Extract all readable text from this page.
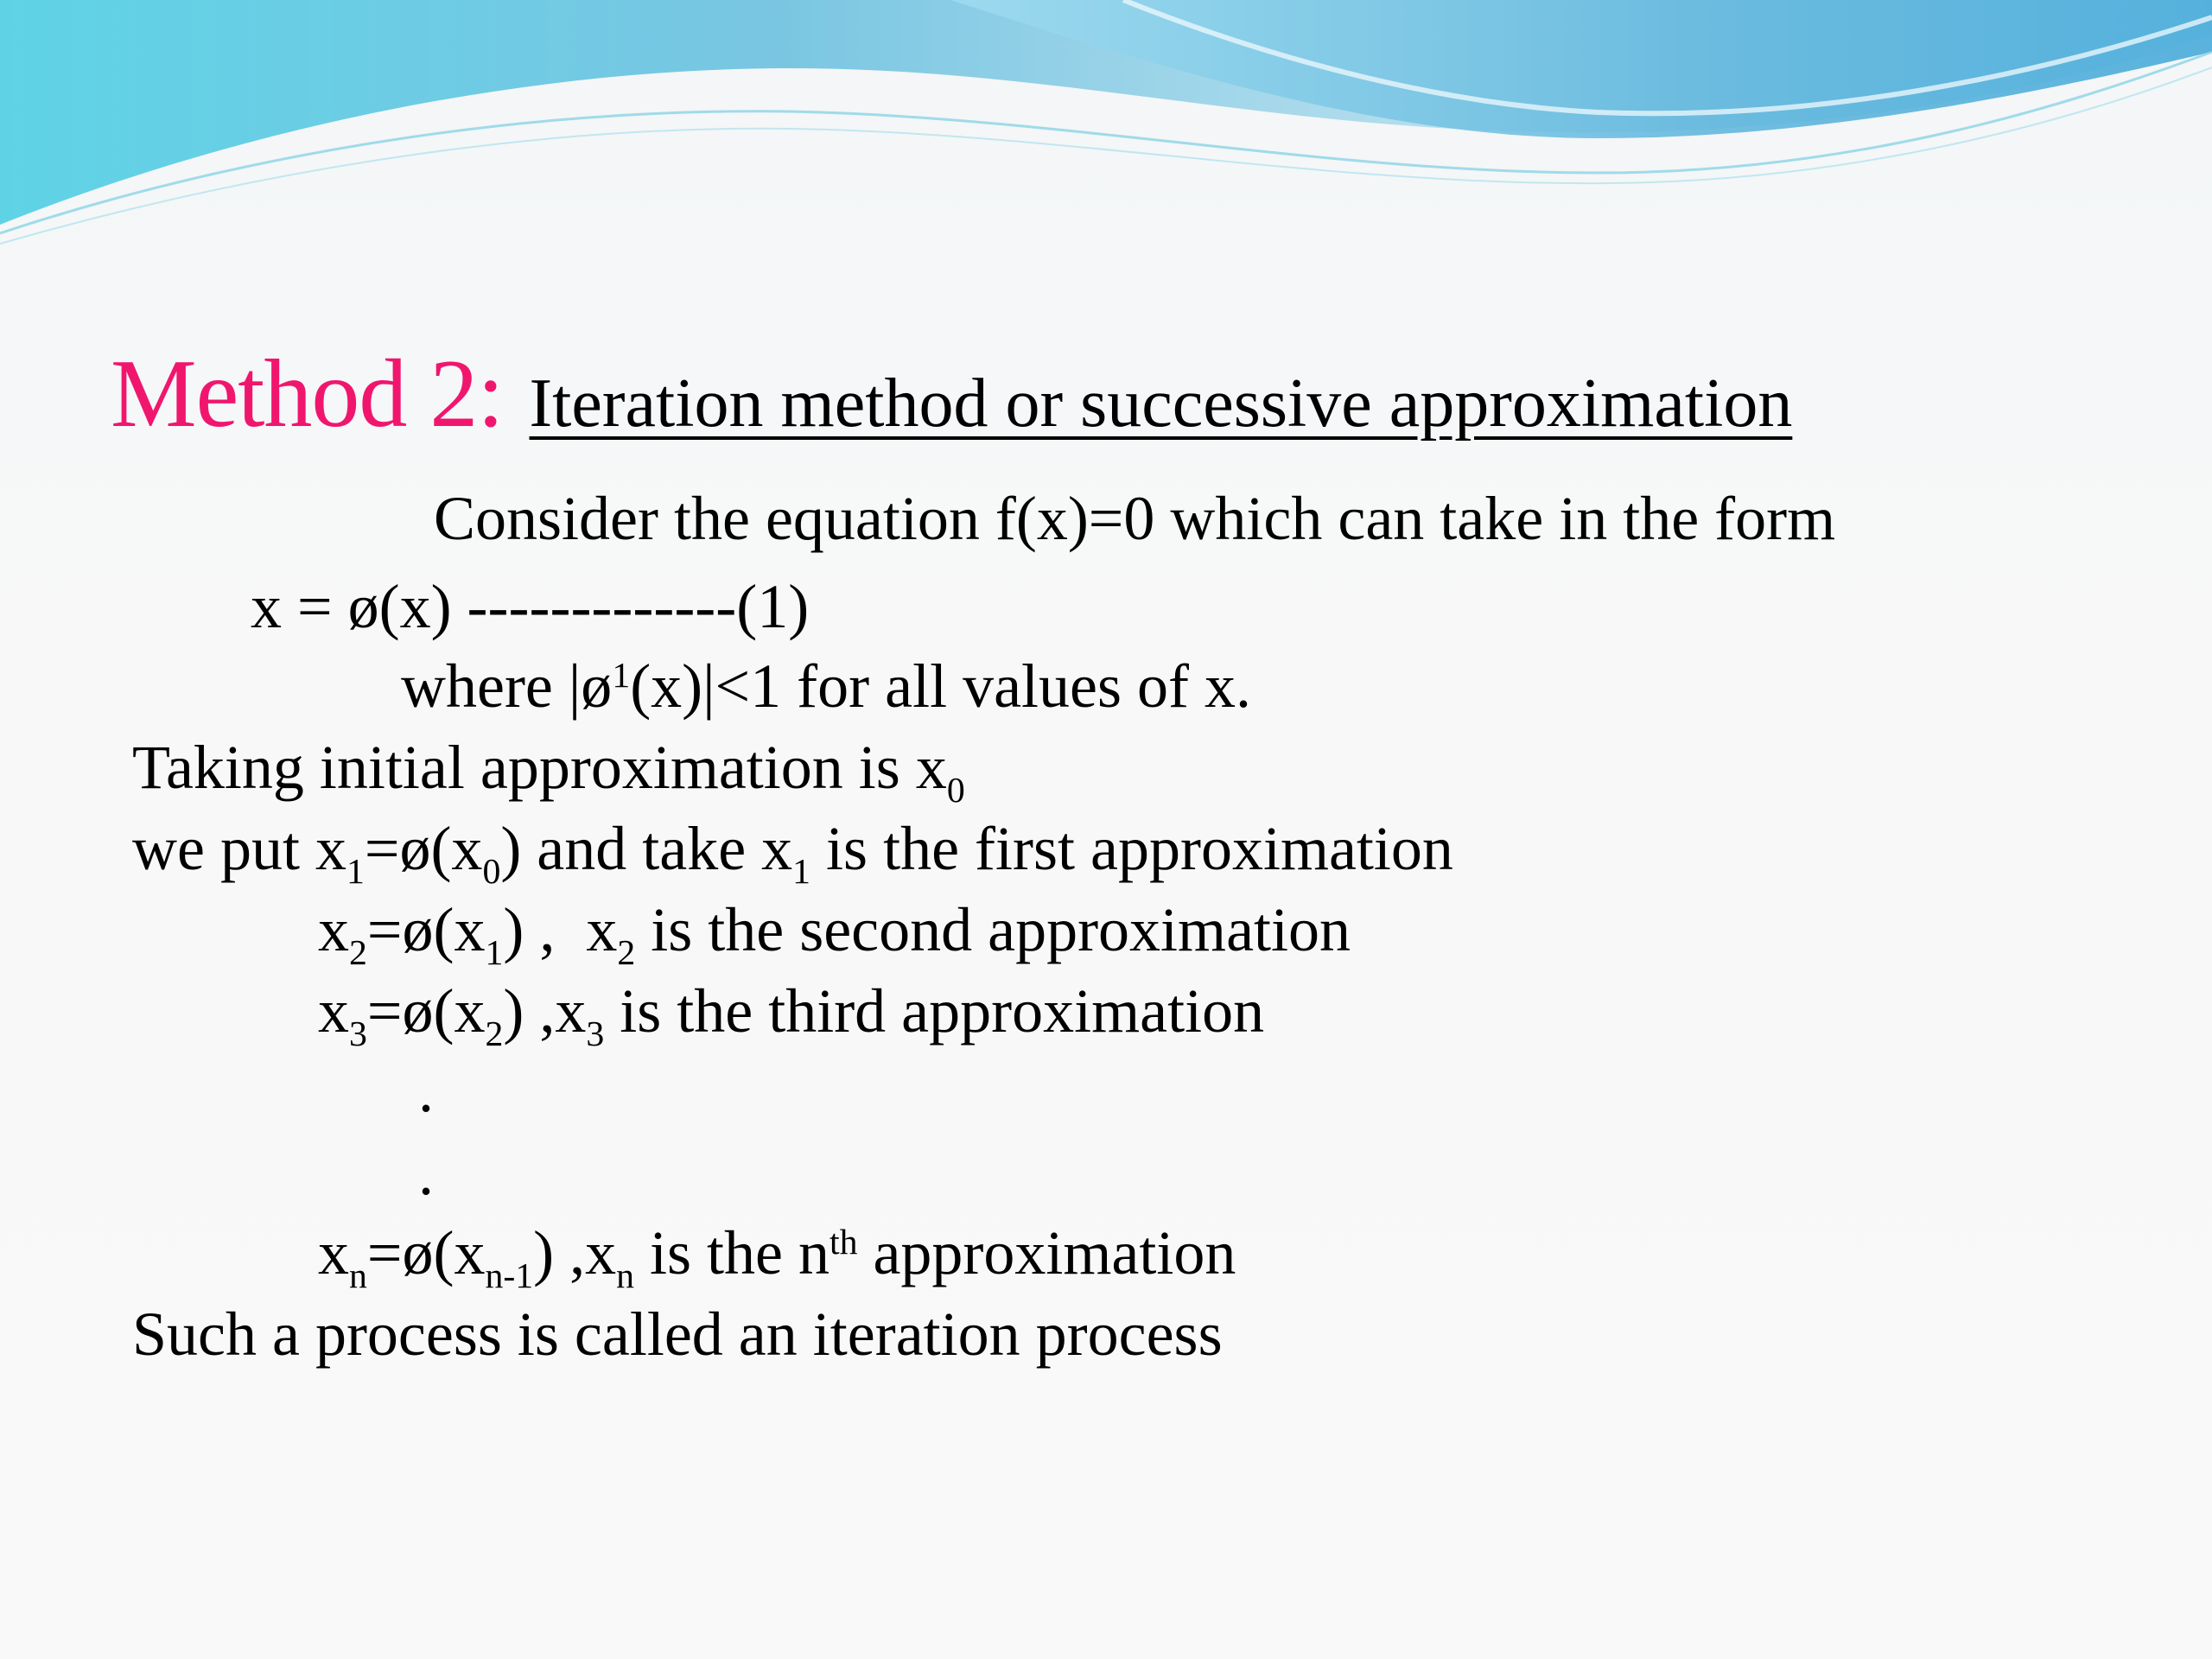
Method 2: Iteration method or successive approximation
Consider the equation f(x)=0 which can take in the form
x = ø(x) -------------(1)
where $|ø^1(x)|<1$ for all values of x.
Taking initial approximation is $x_0$
we put $x_1=ø(x_0)$ and take $x_1$ is the first approximation
$x_2=ø(x_1)$ ,  $x_2$ is the second approximation
$x_3=ø(x_2)$ $,x_3$ is the third approximation
.
.
$x_n=ø(x_{n-1})$ $,x_n$ is the $n^{th}$ approximation
Such a process is called an iteration process
